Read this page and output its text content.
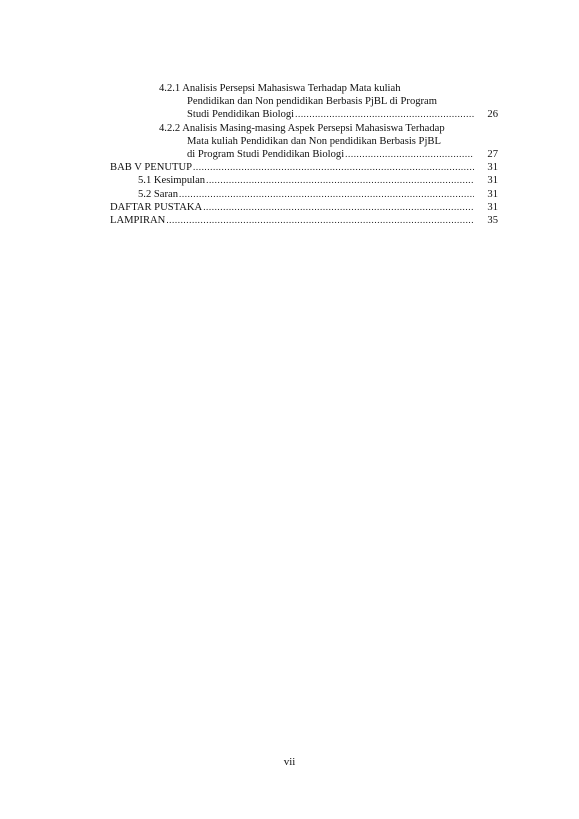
4.2.1 Analisis Persepsi Mahasiswa Terhadap Mata kuliah
Pendidikan dan Non pendidikan Berbasis PjBL di Program
Studi Pendidikan Biologi .....	26
4.2.2 Analisis Masing-masing Aspek Persepsi Mahasiswa Terhadap
Mata kuliah Pendidikan dan Non pendidikan Berbasis PjBL
di Program Studi Pendidikan Biologi .....	27
BAB V PENUTUP .....	31
5.1 Kesimpulan .....	31
5.2 Saran .....	31
DAFTAR PUSTAKA .....	31
LAMPIRAN .....	35
vii
